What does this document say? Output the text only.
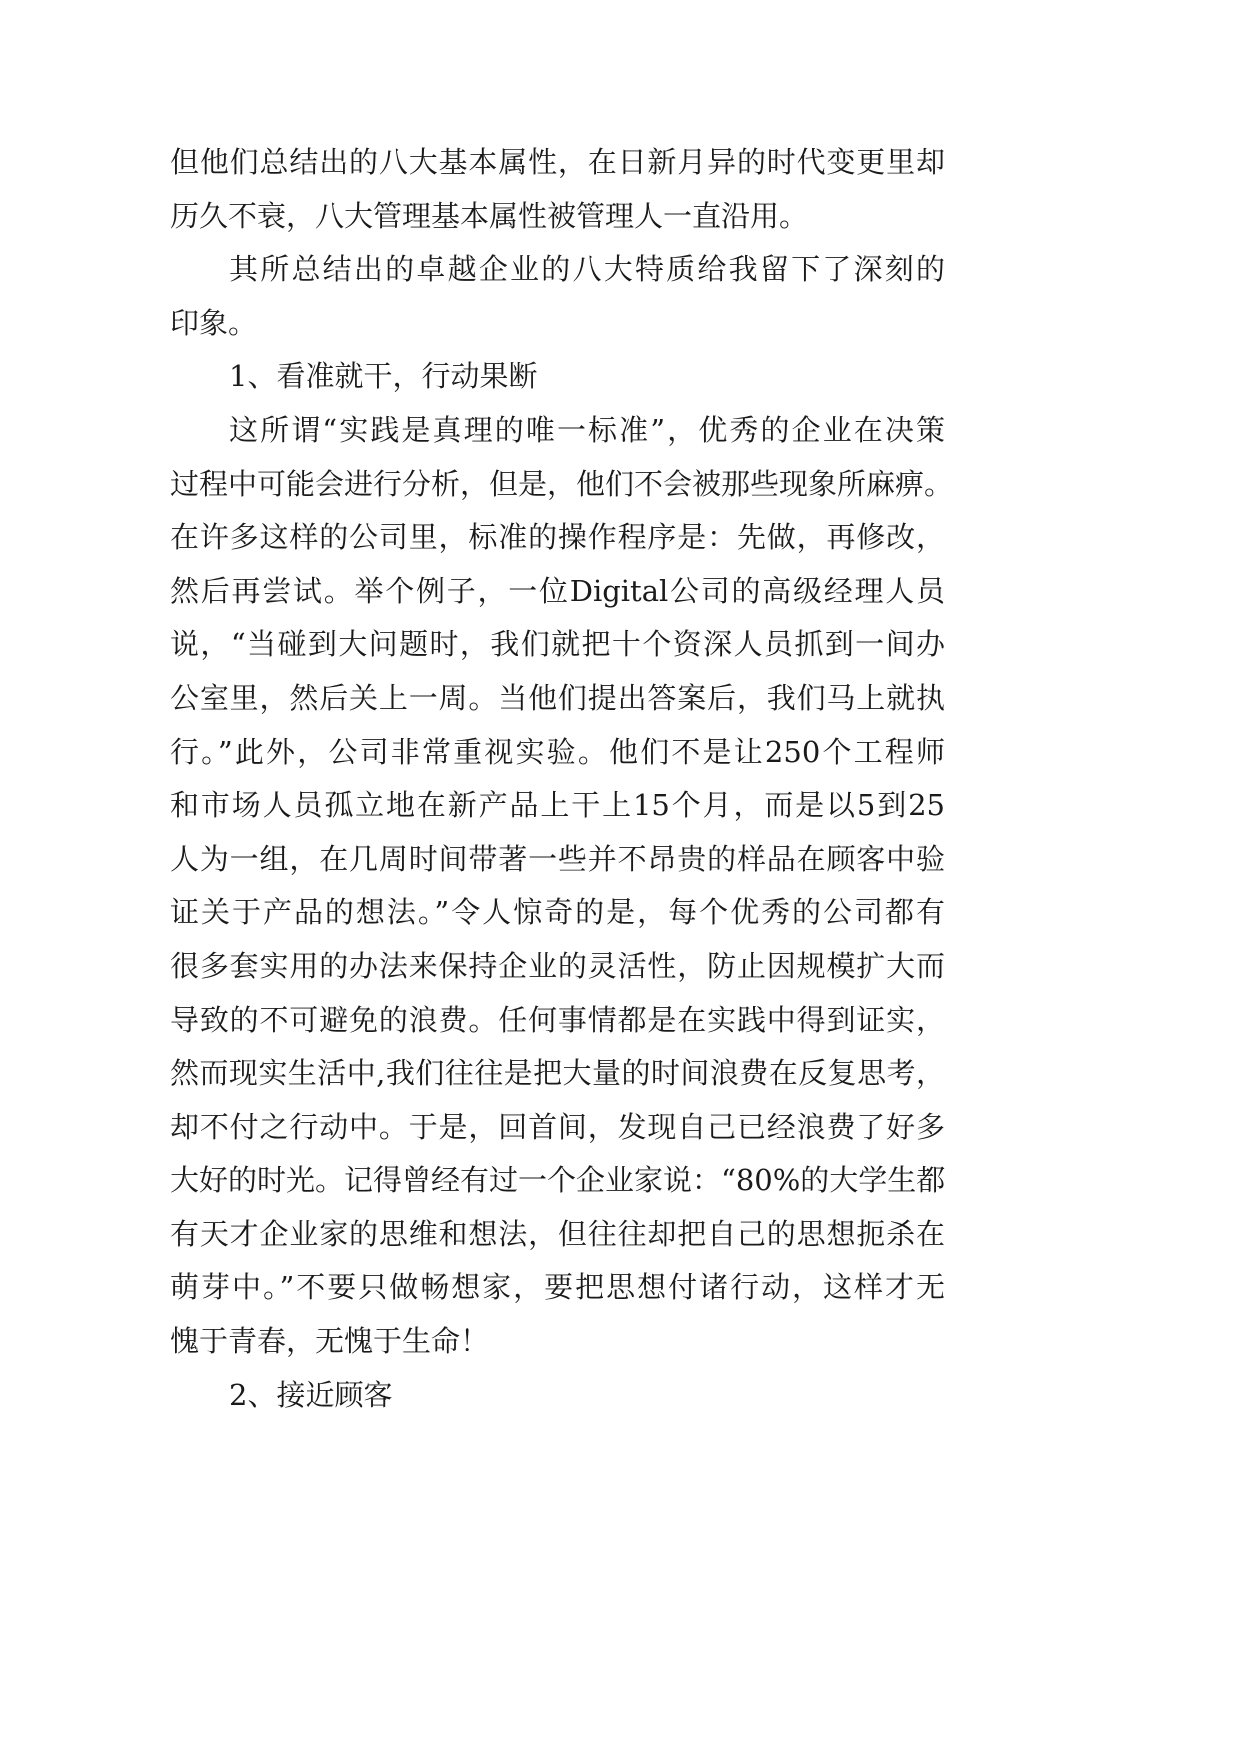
但他们总结出的八大基本属性，在日新月异的时代变更里却
历久不衰，八大管理基本属性被管理人一直沿用。
其所总结出的卓越企业的八大特质给我留下了深刻的
印象。
1、看准就干，行动果断
这所谓“实践是真理的唯一标准”，优秀的企业在决策
过程中可能会进行分析，但是，他们不会被那些现象所麻痹。
在许多这样的公司里，标准的操作程序是：先做，再修改，
然后再尝试。举个例子，一位Digital公司的高级经理人员
说，“当碰到大问题时，我们就把十个资深人员抓到一间办
公室里，然后关上一周。当他们提出答案后，我们马上就执
行。”此外，公司非常重视实验。他们不是让250个工程师
和市场人员孤立地在新产品上干上15个月，而是以5到25
人为一组，在几周时间带著一些并不昂贵的样品在顾客中验
证关于产品的想法。”令人惊奇的是，每个优秀的公司都有
很多套实用的办法来保持企业的灵活性，防止因规模扩大而
导致的不可避免的浪费。任何事情都是在实践中得到证实，
然而现实生活中,我们往往是把大量的时间浪费在反复思考，
却不付之行动中。于是，回首间，发现自己已经浪费了好多
大好的时光。记得曾经有过一个企业家说：“80%的大学生都
有天才企业家的思维和想法，但往往却把自己的思想扼杀在
萌芽中。”不要只做畅想家，要把思想付诸行动，这样才无
愧于青春，无愧于生命！
2、接近顾客
